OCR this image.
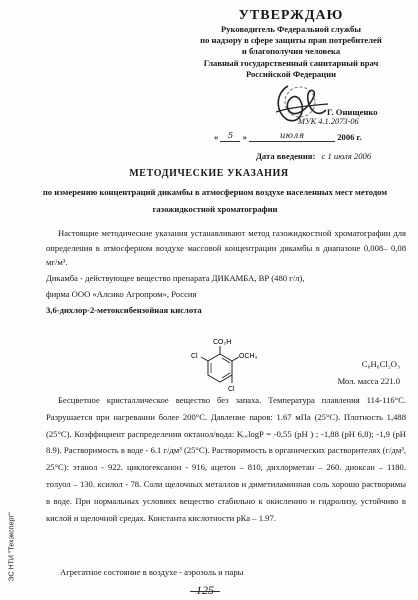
УТВЕРЖДАЮ
Руководитель Федеральной службы
по надзору в сфере защиты прав потребителей
и благополучия человека
Главный государственный санитарный врач
Российской Федерации
Г. Онищенко
МУК 4.1.2073-06
« 5 »	июля	2006 г.
Дата введения: с 1 июля 2006
МЕТОДИЧЕСКИЕ УКАЗАНИЯ
по измерению концентраций дикамбы в атмосферном воздухе населенных мест методом газожидкостной хроматографии
Настоящие методические указания устанавливают метод газожидкостной хроматографии для определения в атмосферном воздухе массовой концентрации дикамбы в диапазоне 0,008– 0,08 мг/м³.
Дикамба - действующее вещество препарата ДИКАМБА, ВР (480 г/л),
фирма ООО «Алсико Агропром», Россия
3,6-дихлор-2-метоксибензойная кислота
CO₂H
OCH₃
Cl
Cl
C₈H₆Cl₂O₃
Мол. масса 221.0
Бесцветное кристаллическое вещество без запаха. Температура плавления 114-116°С. Разрушается при нагревании более 200°С. Давление паров: 1.67 мПа (25°С). Плотность 1,488 (25°С). Коэффициент распределения октанол/вода: KₒᵥlogP = -0,55 (рН ) ; -1,88 (рН 6,8); -1,9 (рН 8.9). Растворимость в воде - 6.1 г/дм³ (25°С). Растворимость в органических растворителях (г/дм³, 25°С): этанол - 922. циклогексанон - 916, ацетон – 810, дихлорметан – 260. диоксан – 1180. толуол – 130. ксилол - 78. Соли щелочных металлов и диметиламинная соль хорошо растворимы в воде. При нормальных условиях вещество стабильно к окислению и гидролизу, устойчиво в кислой и щелочной средах. Константа кислотности рКа – 1.97.
Агрегатное состояние в воздухе - аэрозоль и пары
ЭС НТИ "Техэксперт"
125
